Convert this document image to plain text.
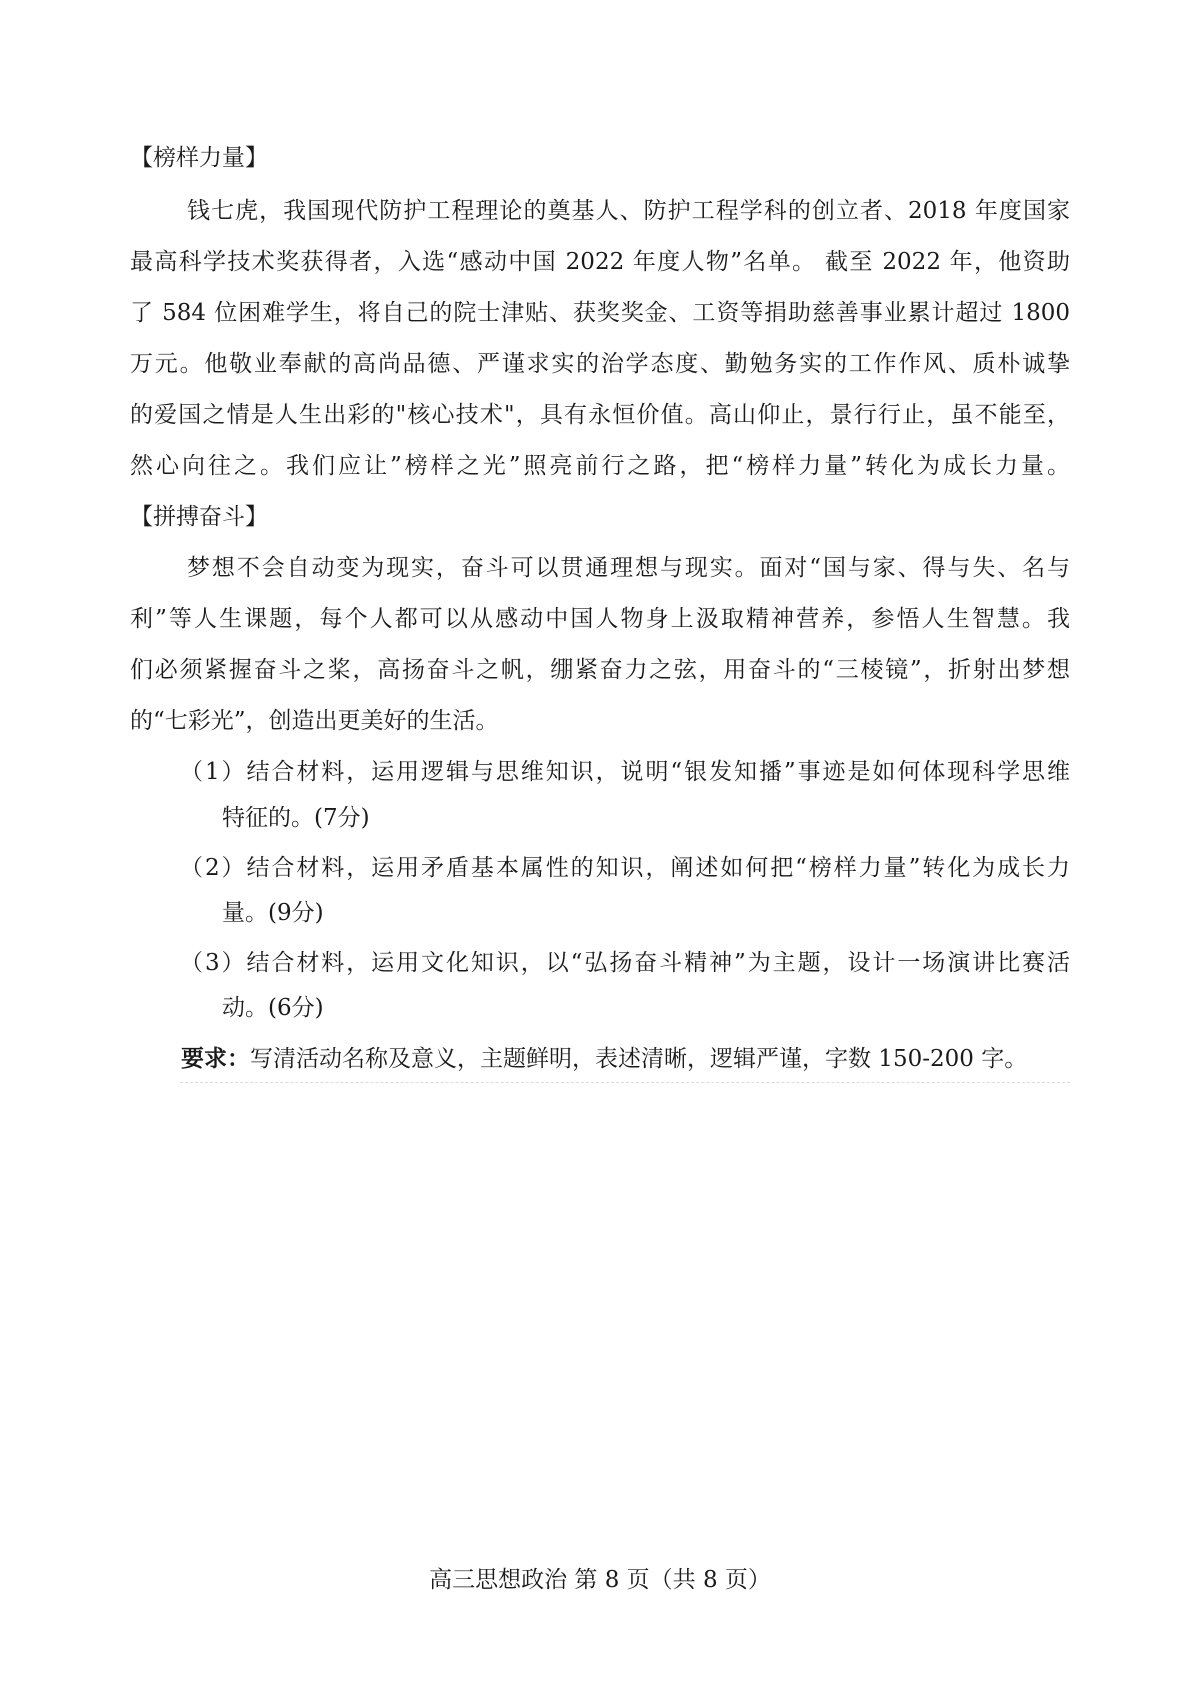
【榜样力量】
钱七虎，我国现代防护工程理论的奠基人、防护工程学科的创立者、2018 年度国家
最高科学技术奖获得者，入选“感动中国 2022 年度人物”名单。 截至 2022 年，他资助
了 584 位困难学生，将自己的院士津贴、获奖奖金、工资等捐助慈善事业累计超过 1800
万元。他敬业奉献的高尚品德、严谨求实的治学态度、勤勉务实的工作作风、质朴诚挚
的爱国之情是人生出彩的"核心技术"，具有永恒价值。高山仰止，景行行止，虽不能至，
然心向往之。我们应让”榜样之光”照亮前行之路，把“榜样力量”转化为成长力量。
【拼搏奋斗】
梦想不会自动变为现实，奋斗可以贯通理想与现实。面对“国与家、得与失、名与
利”等人生课题，每个人都可以从感动中国人物身上汲取精神营养，参悟人生智慧。我
们必须紧握奋斗之桨，高扬奋斗之帆，绷紧奋力之弦，用奋斗的“三棱镜”，折射出梦想
的“七彩光”，创造出更美好的生活。
（1）结合材料，运用逻辑与思维知识，说明“银发知播”事迹是如何体现科学思维
特征的。(7分)
（2）结合材料，运用矛盾基本属性的知识，阐述如何把“榜样力量”转化为成长力
量。(9分)
（3）结合材料，运用文化知识，以“弘扬奋斗精神”为主题，设计一场演讲比赛活
动。(6分)
要求：写清活动名称及意义，主题鲜明，表述清晰，逻辑严谨，字数 150-200 字。
高三思想政治 第 8 页（共 8 页）
